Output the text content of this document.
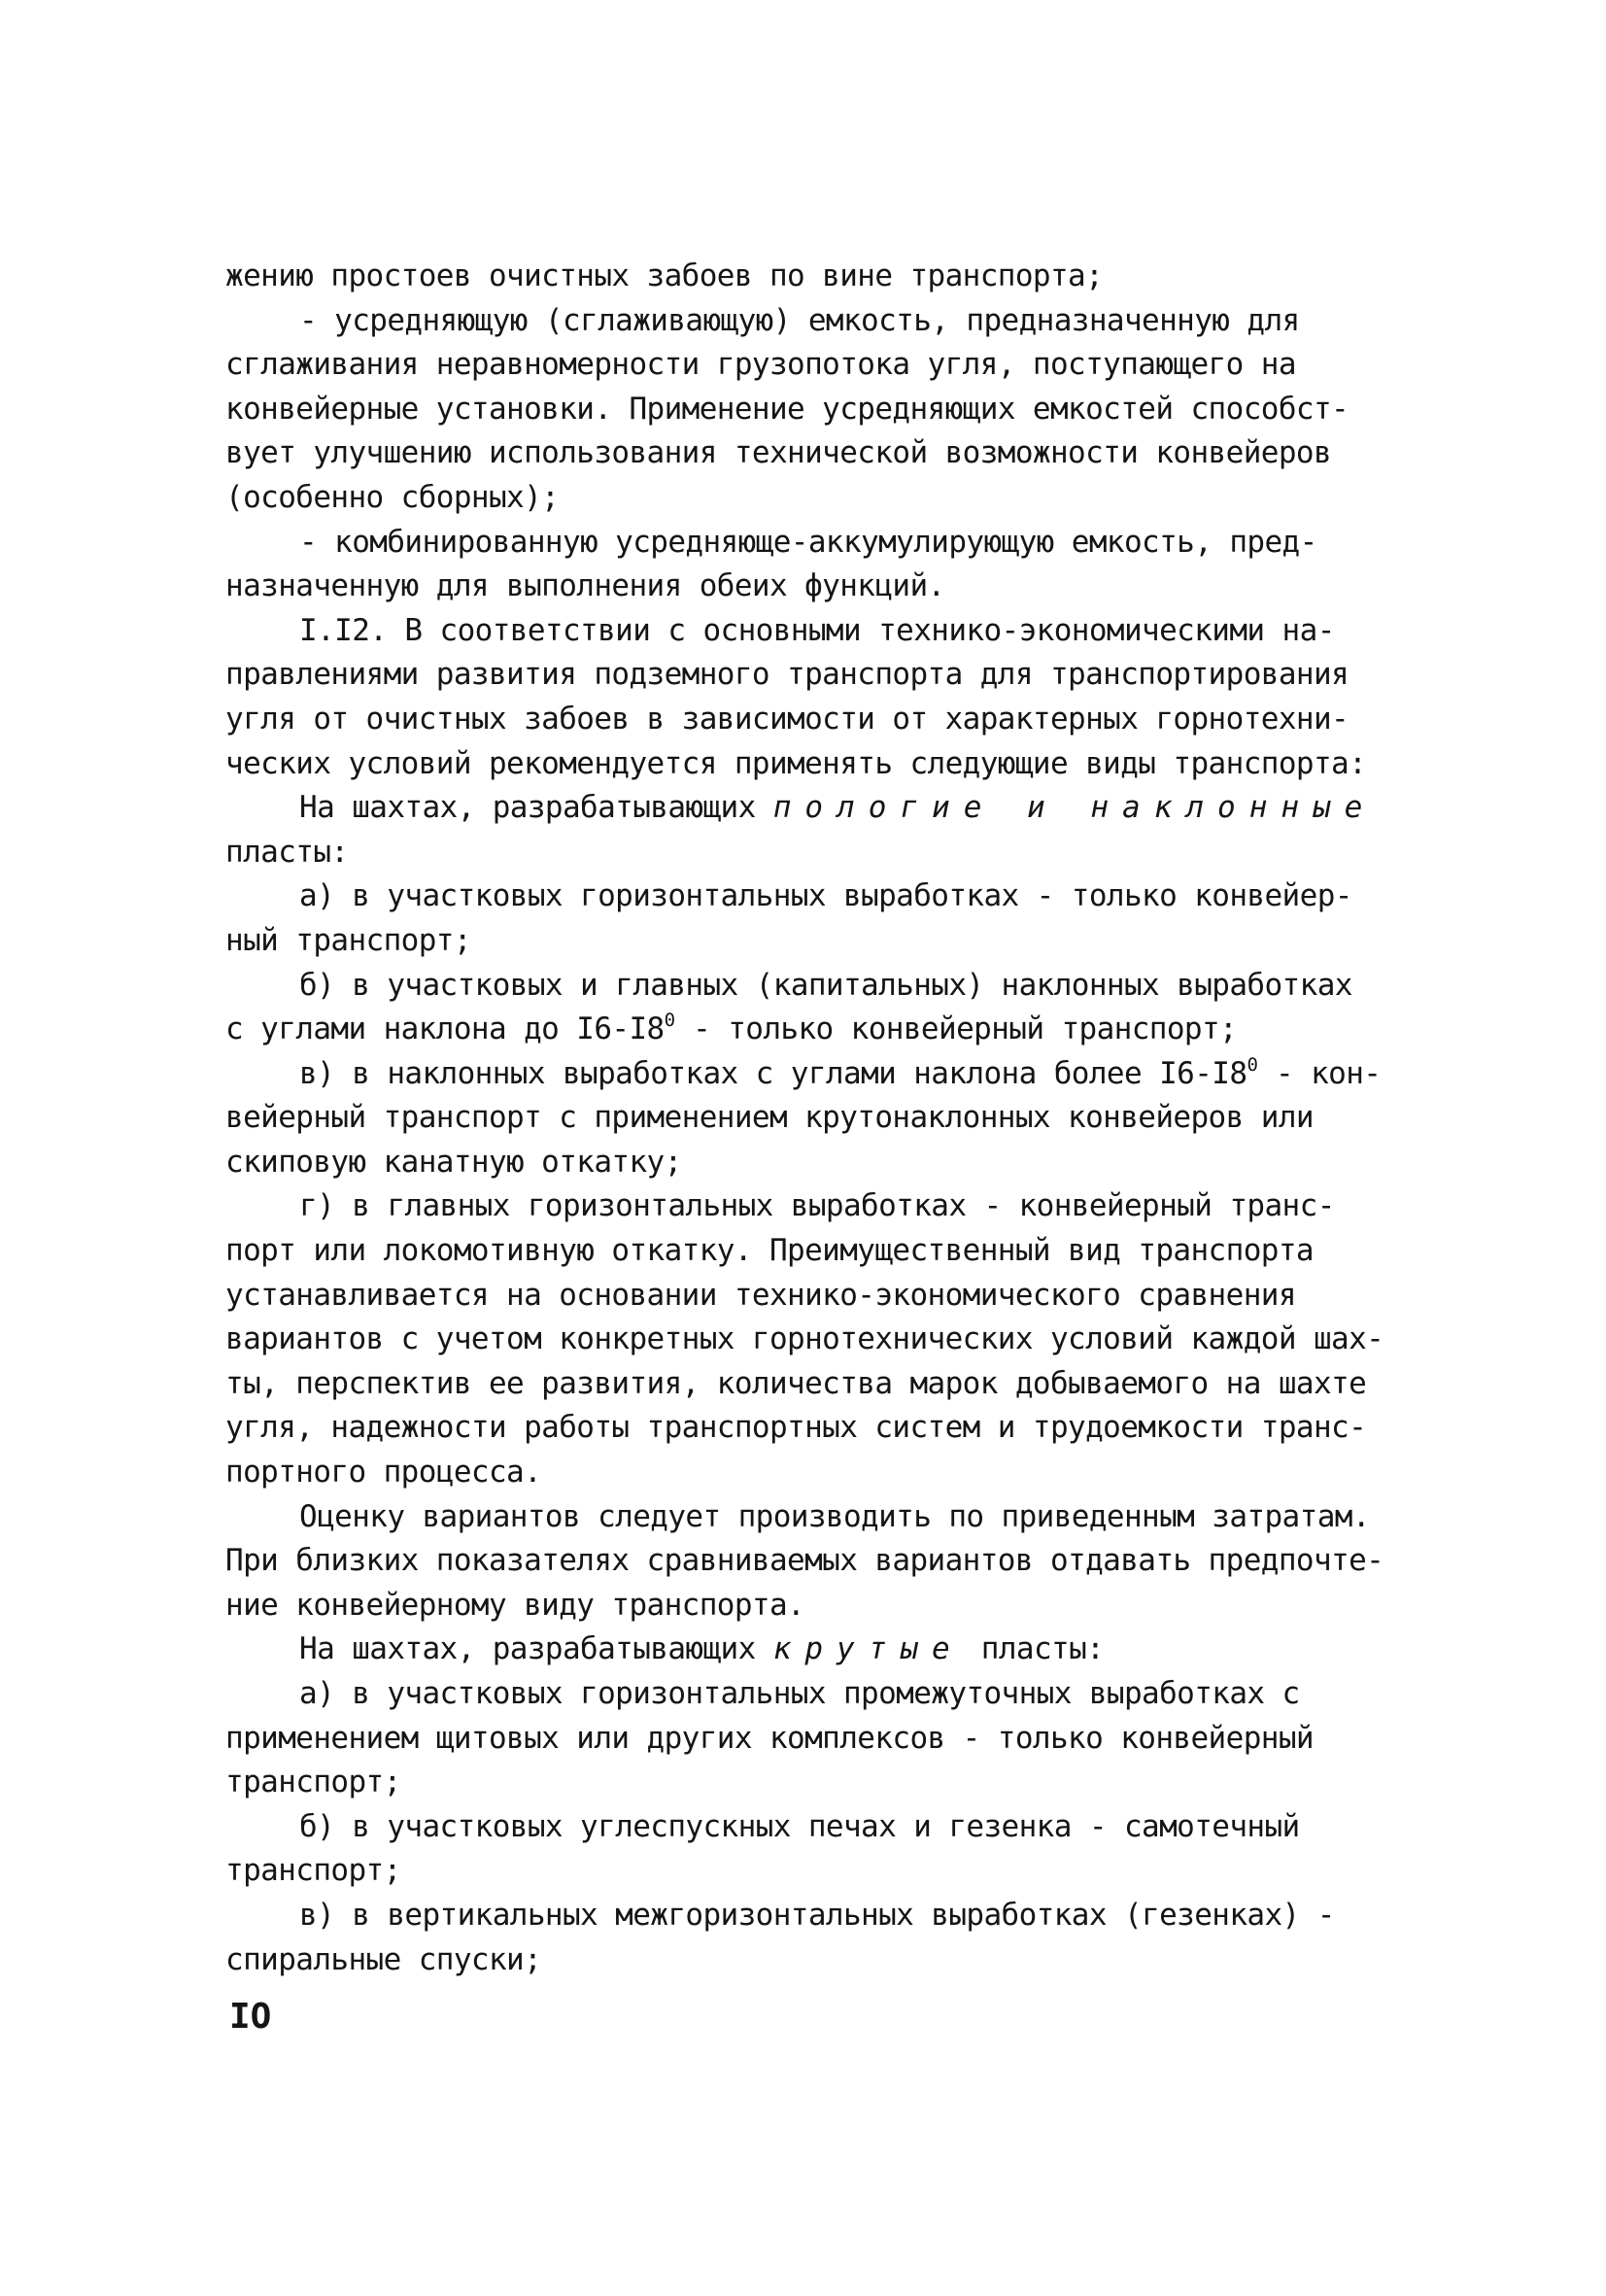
жению простоев очистных забоев по вине транспорта;
- усредняющую (сглаживающую) емкость, предназначенную для
сглаживания неравномерности грузопотока угля, поступающего на
конвейерные установки. Применение усредняющих емкостей способст-
вует улучшению использования технической возможности конвейеров
(особенно сборных);
- комбинированную усредняюще-аккумулирующую емкость, пред-
назначенную для выполнения обеих функций.
I.I2. В соответствии с основными технико-экономическими на-
правлениями развития подземного транспорта для транспортирования
угля от очистных забоев в зависимости от характерных горнотехни-
ческих условий рекомендуется применять следующие виды транспорта:
На шахтах, разрабатывающих пологие и наклонные
пласты:
а) в участковых горизонтальных выработках - только конвейер-
ный транспорт;
б) в участковых и главных (капитальных) наклонных выработках
с углами наклона до $I6-I8^0$ - только конвейерный транспорт;
в) в наклонных выработках с углами наклона более $I6-I8^0 - кон-$
вейерный транспорт с применением крутонаклонных конвейеров или
скиповую канатную откатку;
г) в главных горизонтальных выработках - конвейерный транс-
порт или локомотивную откатку. Преимущественный вид транспорта
устанавливается на основании технико-экономического сравнения
вариантов с учетом конкретных горнотехнических условий каждой шах-
ты, перспектив ее развития, количества марок добываемого на шахте
угля, надежности работы транспортных систем и трудоемкости транс-
портного процесса.
Оценку вариантов следует производить по приведенным затратам.
При близких показателях сравниваемых вариантов отдавать предпочте-
ние конвейерному виду транспорта.
На шахтах, разрабатывающих крутые пласты:
а) в участковых горизонтальных промежуточных выработках с
применением щитовых или других комплексов - только конвейерный
транспорт;
б) в участковых углеспускных печах и гезенка - самотечный
транспорт;
в) в вертикальных межгоризонтальных выработках (гезенках) -
спиральные спуски;
IO
